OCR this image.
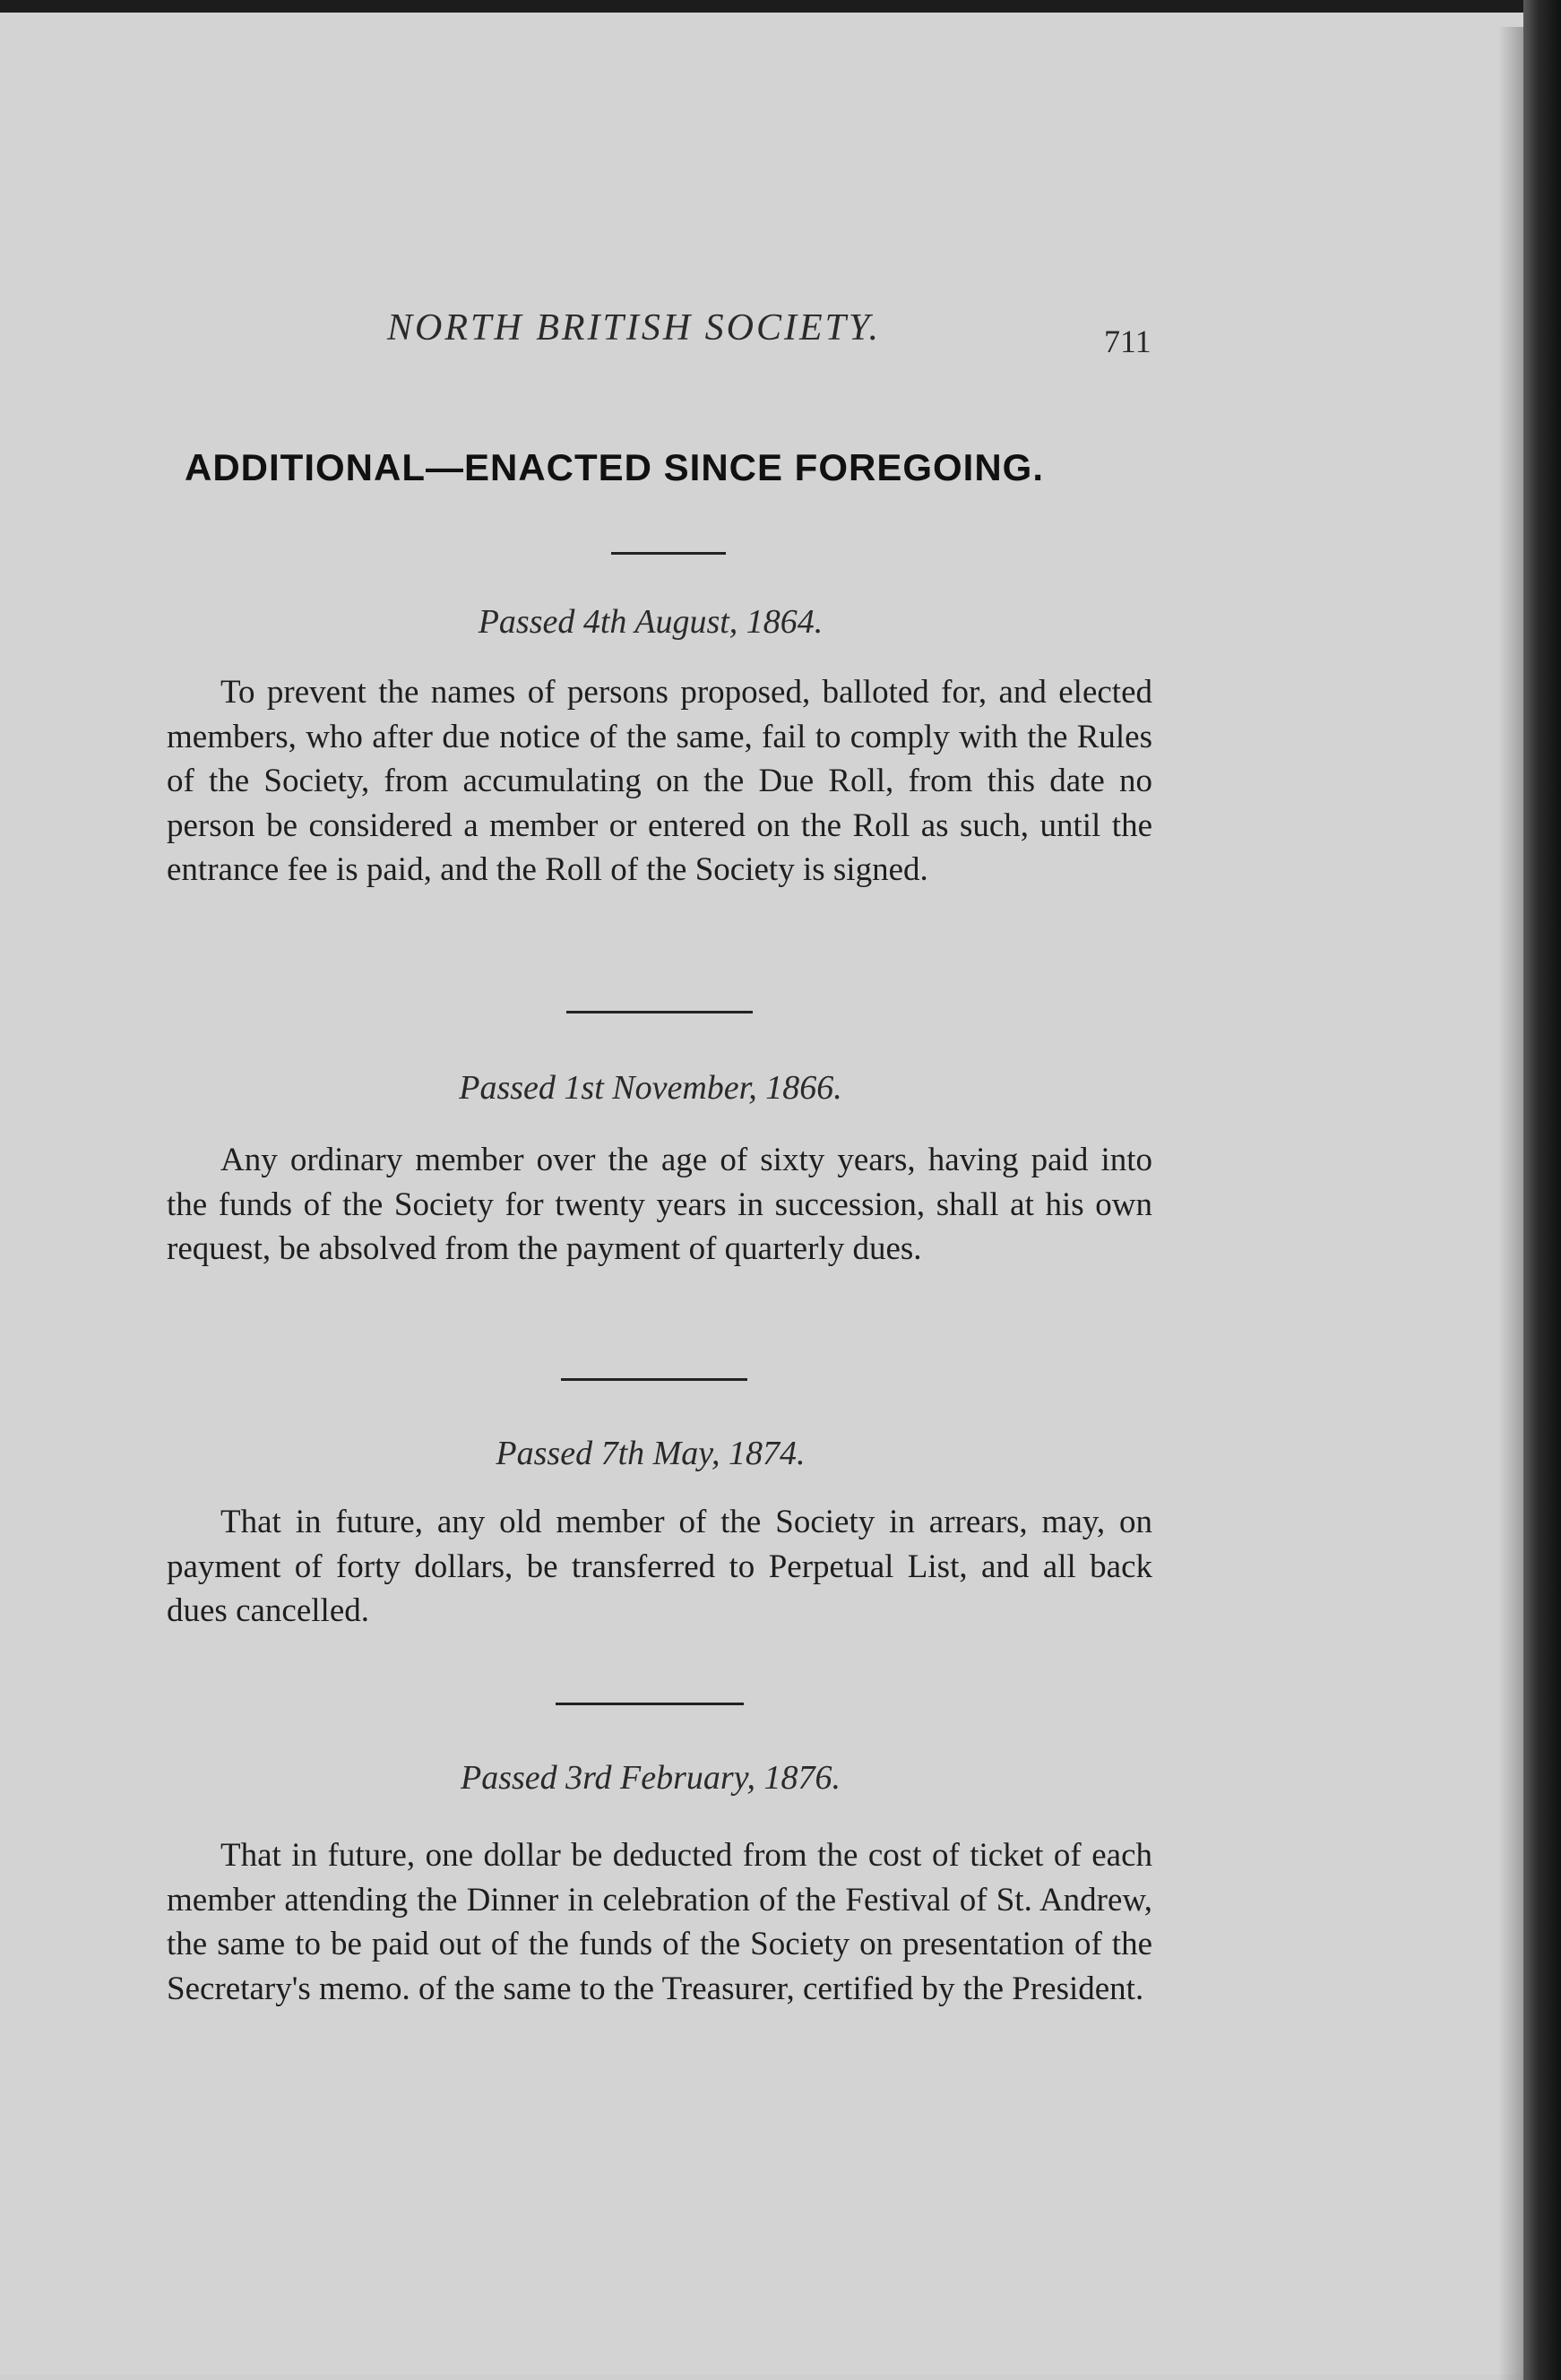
NORTH BRITISH SOCIETY.	711
ADDITIONAL—ENACTED SINCE FOREGOING.
Passed 4th August, 1864.
To prevent the names of persons proposed, balloted for, and elected members, who after due notice of the same, fail to comply with the Rules of the Society, from accumulating on the Due Roll, from this date no person be considered a member or entered on the Roll as such, until the entrance fee is paid, and the Roll of the Society is signed.
Passed 1st November, 1866.
Any ordinary member over the age of sixty years, having paid into the funds of the Society for twenty years in succession, shall at his own request, be absolved from the payment of quarterly dues.
Passed 7th May, 1874.
That in future, any old member of the Society in arrears, may, on payment of forty dollars, be transferred to Perpetual List, and all back dues cancelled.
Passed 3rd February, 1876.
That in future, one dollar be deducted from the cost of ticket of each member attending the Dinner in celebration of the Festival of St. Andrew, the same to be paid out of the funds of the Society on presentation of the Secretary's memo. of the same to the Treasurer, certified by the President.
